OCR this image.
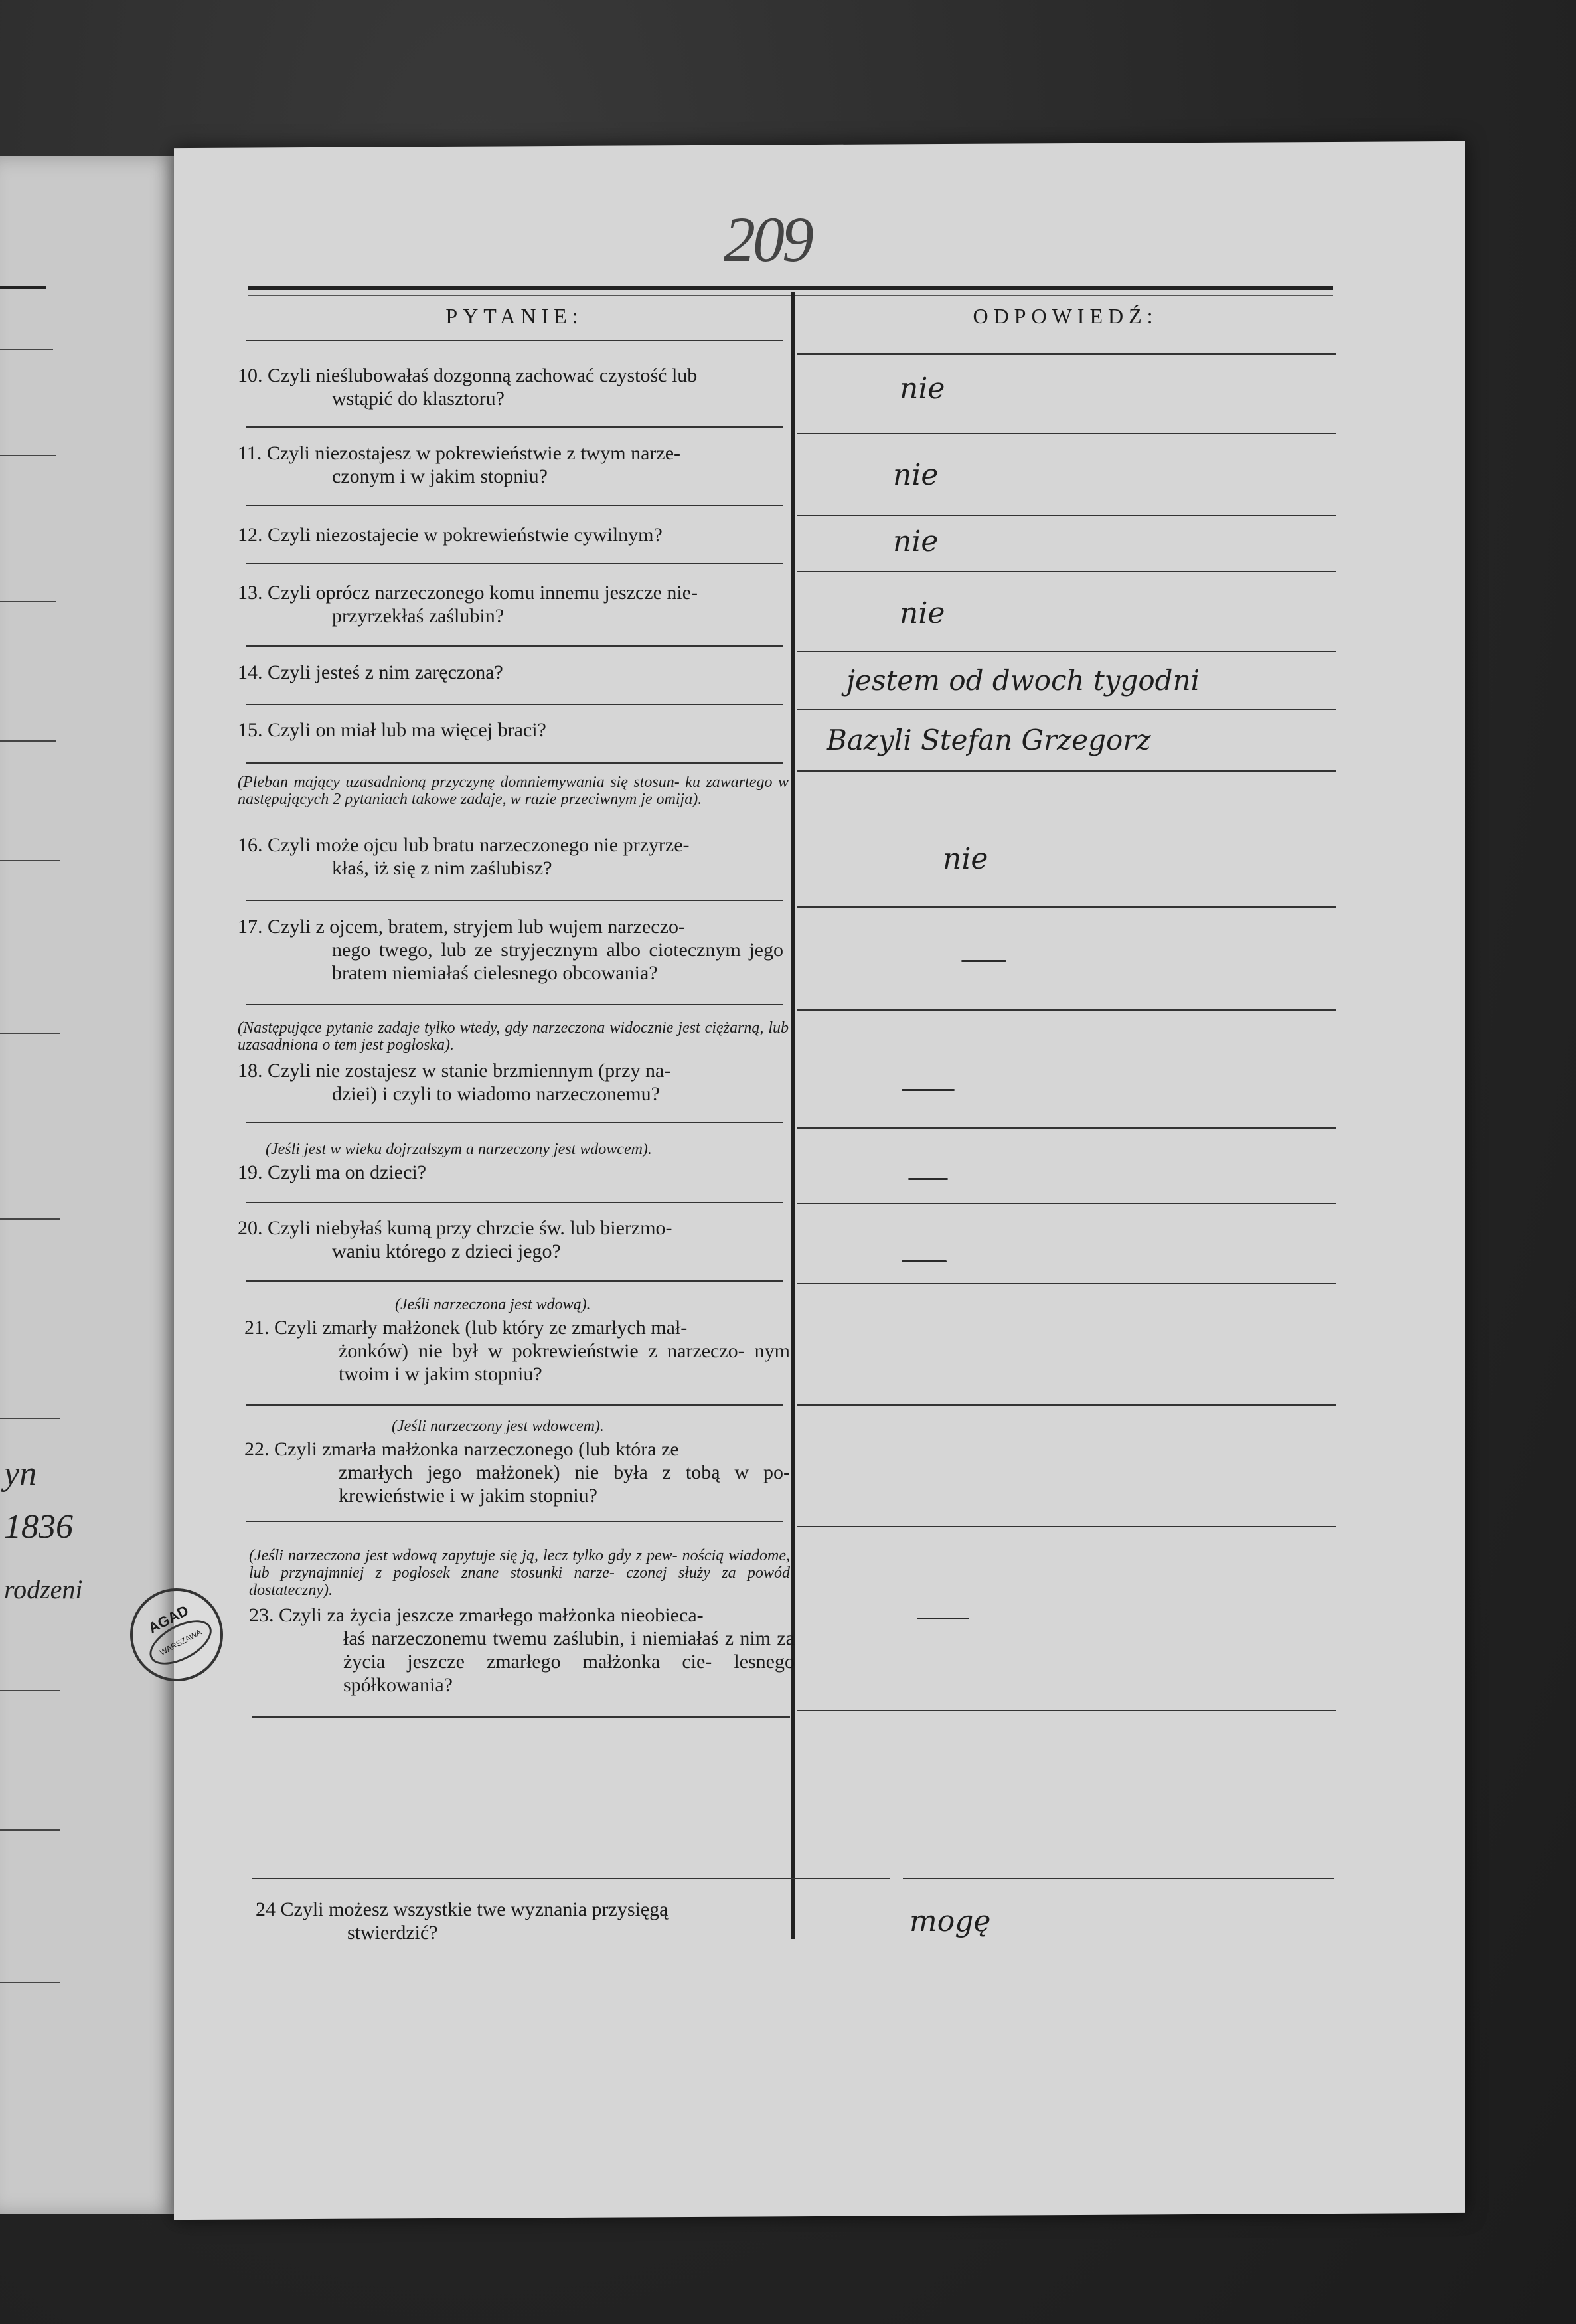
yn
1836
rodzeni
AGAD
WARSZAWA
209
PYTANIE:	ODPOWIEDŹ:
10. Czyli nieślubowałaś dozgonną zachować czystość lub
wstąpić do klasztoru?
11. Czyli niezostajesz w pokrewieństwie z twym narze-
czonym i w jakim stopniu?
12. Czyli niezostajecie w pokrewieństwie cywilnym?
13. Czyli oprócz narzeczonego komu innemu jeszcze nie-
przyrzekłaś zaślubin?
14. Czyli jesteś z nim zaręczona?
15. Czyli on miał lub ma więcej braci?
(Pleban mający uzasadnioną przyczynę domniemywania się stosun- ku zawartego w następujących 2 pytaniach takowe zadaje, w razie przeciwnym je omija).
16. Czyli może ojcu lub bratu narzeczonego nie przyrze-
kłaś, iż się z nim zaślubisz?
17. Czyli z ojcem, bratem, stryjem lub wujem narzeczo-
nego twego, lub ze stryjecznym albo ciotecznym jego bratem niemiałaś cielesnego obcowania?
(Następujące pytanie zadaje tylko wtedy, gdy narzeczona widocznie jest ciężarną, lub uzasadniona o tem jest pogłoska).
18. Czyli nie zostajesz w stanie brzmiennym (przy na-
dziei) i czyli to wiadomo narzeczonemu?
(Jeśli jest w wieku dojrzalszym a narzeczony jest wdowcem).
19. Czyli ma on dzieci?
20. Czyli niebyłaś kumą przy chrzcie św. lub bierzmo-
waniu którego z dzieci jego?
(Jeśli narzeczona jest wdową).
21. Czyli zmarły małżonek (lub który ze zmarłych mał-
żonków) nie był w pokrewieństwie z narzeczo- nym twoim i w jakim stopniu?
(Jeśli narzeczony jest wdowcem).
22. Czyli zmarła małżonka narzeczonego (lub która ze
zmarłych jego małżonek) nie była z tobą w po- krewieństwie i w jakim stopniu?
(Jeśli narzeczona jest wdową zapytuje się ją, lecz tylko gdy z pew- nością wiadome, lub przynajmniej z pogłosek znane stosunki narze- czonej służy za powód dostateczny).
23. Czyli za życia jeszcze zmarłego małżonka nieobieca-
łaś narzeczonemu twemu zaślubin, i niemiałaś z nim za życia jeszcze zmarłego małżonka cie- lesnego spółkowania?
24 Czyli możesz wszystkie twe wyznania przysięgą
stwierdzić?
nie
nie
nie
nie
jestem od dwoch tygodni
Bazyli Stefan Grzegorz
nie
mogę
